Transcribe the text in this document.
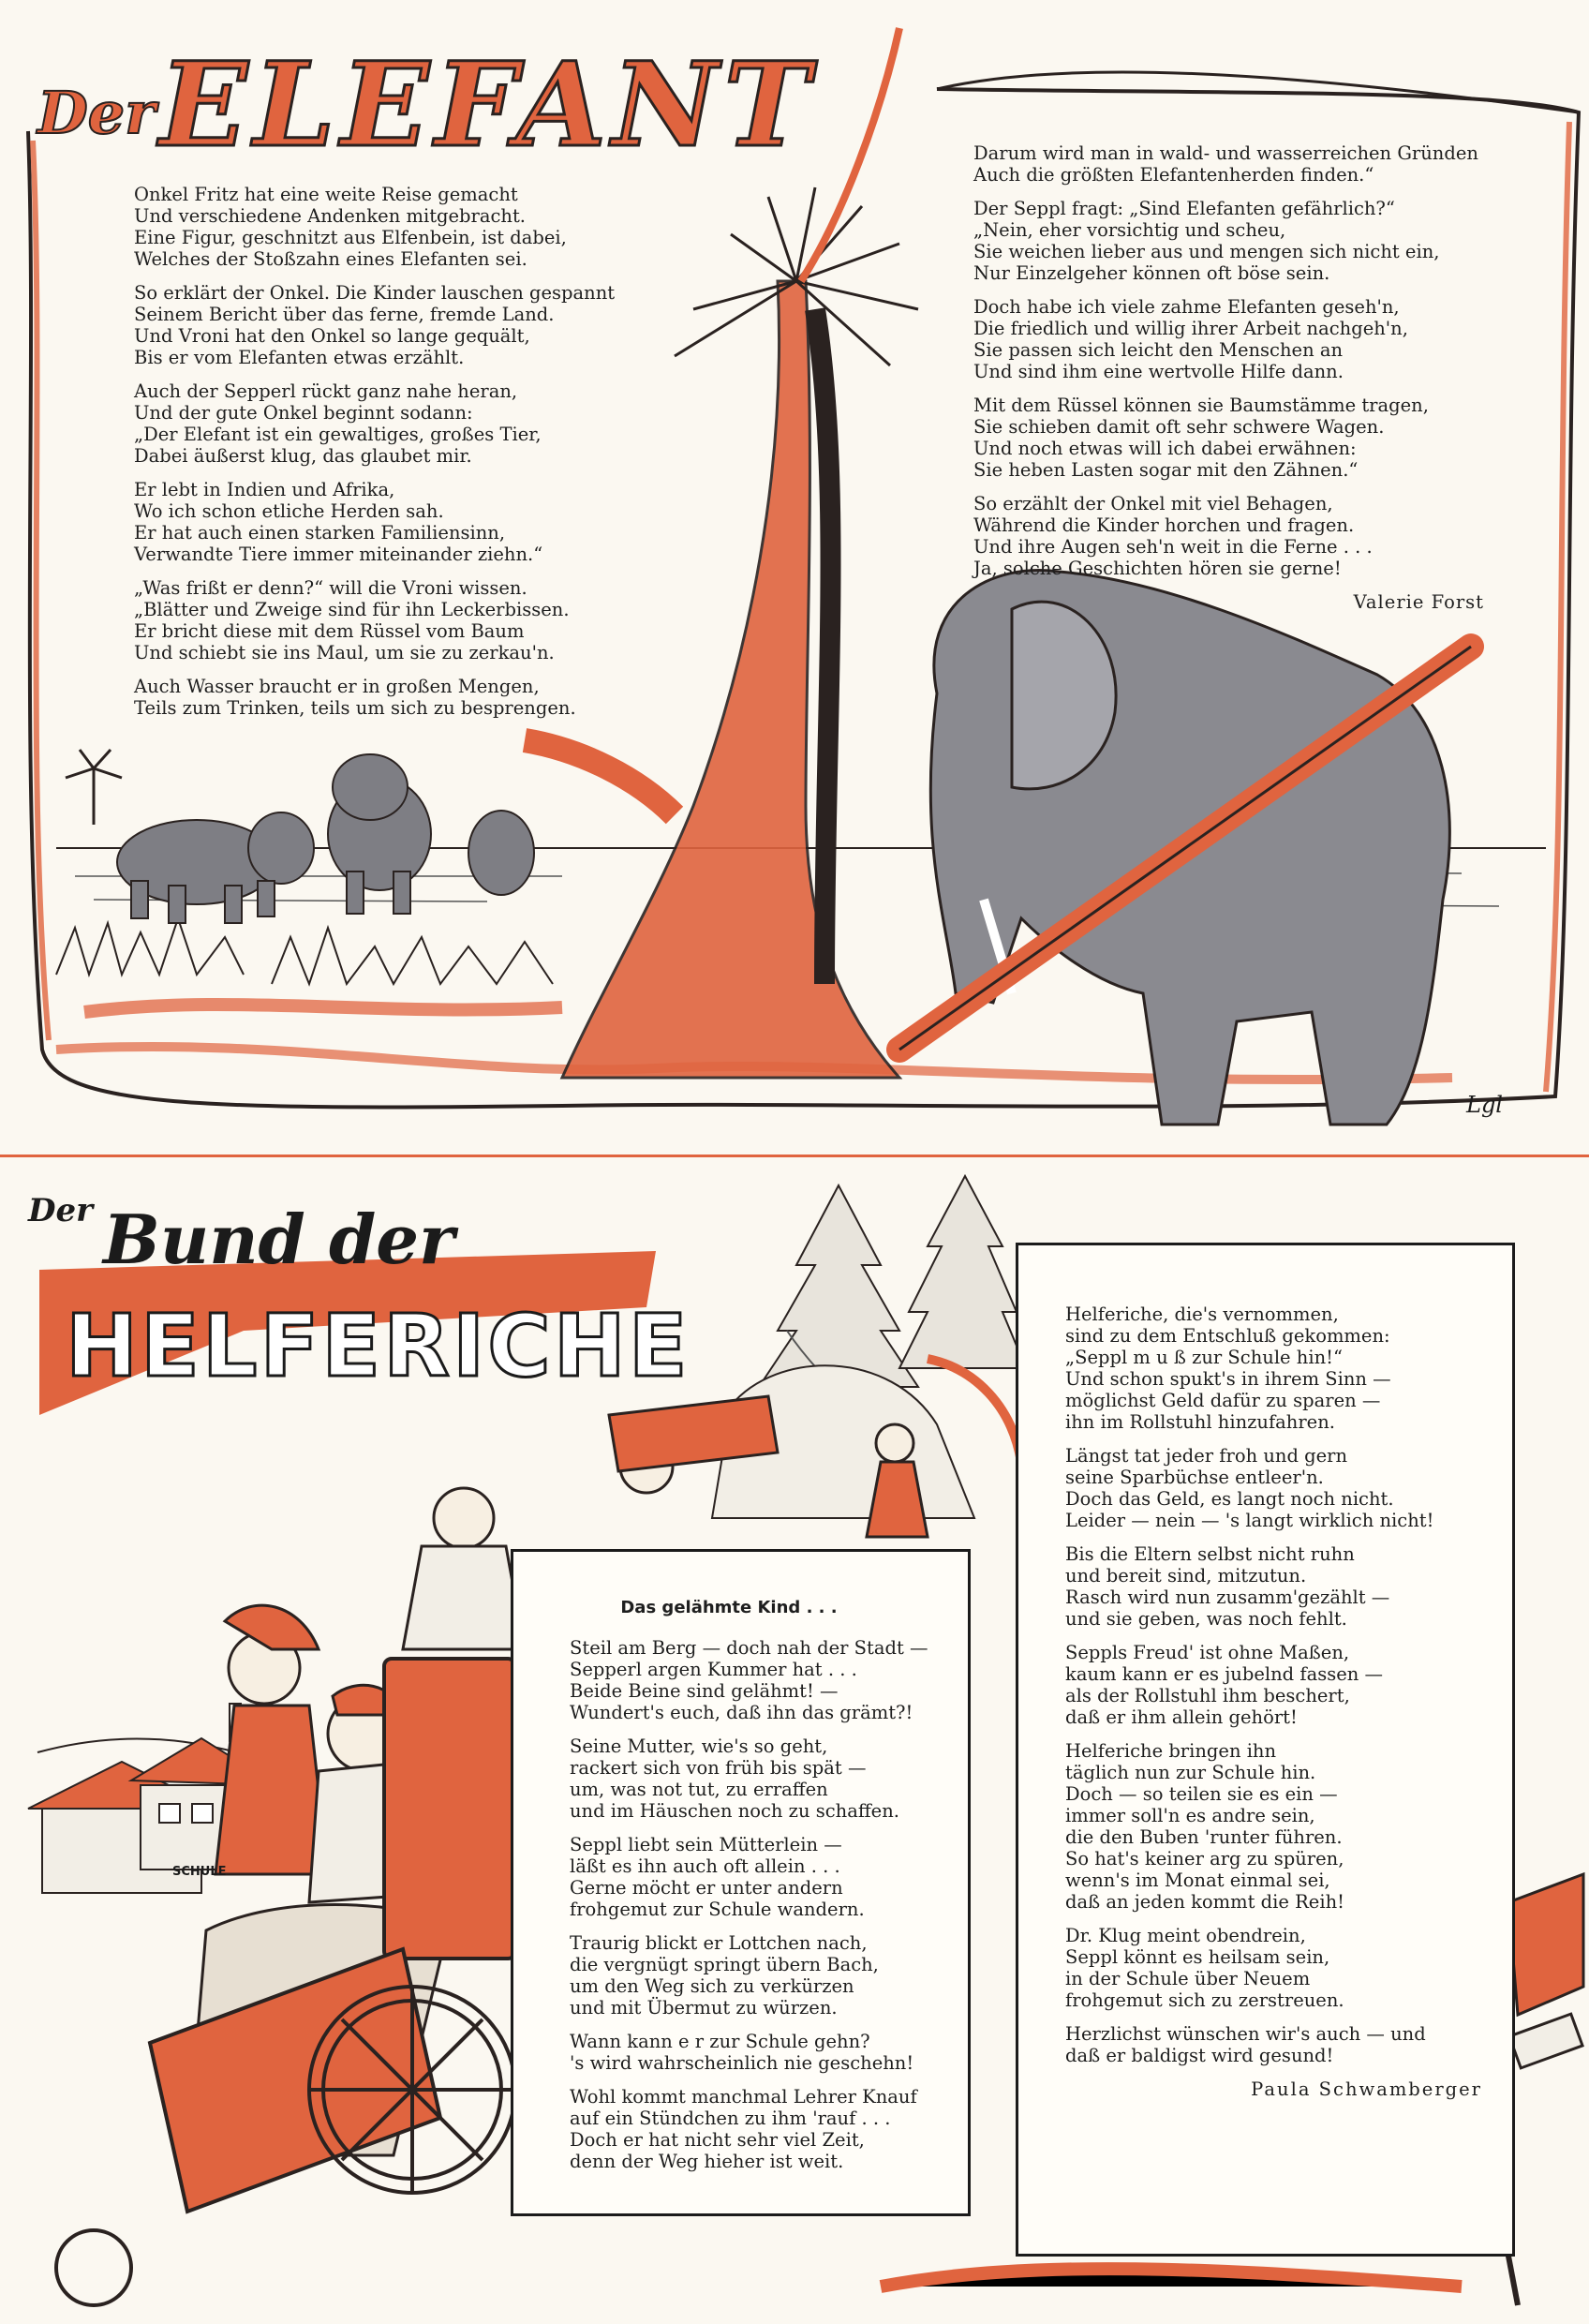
Der ELEFANT

Onkel Fritz hat eine weite Reise gemacht
Und verschiedene Andenken mitgebracht.
Eine Figur, geschnitzt aus Elfenbein, ist dabei,
Welches der Stoßzahn eines Elefanten sei.

So erklärt der Onkel. Die Kinder lauschen gespannt
Seinem Bericht über das ferne, fremde Land.
Und Vroni hat den Onkel so lange gequält,
Bis er vom Elefanten etwas erzählt.

Auch der Sepperl rückt ganz nahe heran,
Und der gute Onkel beginnt sodann:
„Der Elefant ist ein gewaltiges, großes Tier,
Dabei äußerst klug, das glaubet mir.

Er lebt in Indien und Afrika,
Wo ich schon etliche Herden sah.
Er hat auch einen starken Familiensinn,
Verwandte Tiere immer miteinander ziehn.“

„Was frißt er denn?“ will die Vroni wissen.
„Blätter und Zweige sind für ihn Leckerbissen.
Er bricht diese mit dem Rüssel vom Baum
Und schiebt sie ins Maul, um sie zu zerkau'n.

Auch Wasser braucht er in großen Mengen,
Teils zum Trinken, teils um sich zu besprengen.

Darum wird man in wald- und wasserreichen Gründen
Auch die größten Elefantenherden finden.“

Der Seppl fragt: „Sind Elefanten gefährlich?“
„Nein, eher vorsichtig und scheu,
Sie weichen lieber aus und mengen sich nicht ein,
Nur Einzelgeher können oft böse sein.

Doch habe ich viele zahme Elefanten geseh'n,
Die friedlich und willig ihrer Arbeit nachgeh'n,
Sie passen sich leicht den Menschen an
Und sind ihm eine wertvolle Hilfe dann.

Mit dem Rüssel können sie Baumstämme tragen,
Sie schieben damit oft sehr schwere Wagen.
Und noch etwas will ich dabei erwähnen:
Sie heben Lasten sogar mit den Zähnen.“

So erzählt der Onkel mit viel Behagen,
Während die Kinder horchen und fragen.
Und ihre Augen seh'n weit in die Ferne . . .
Ja, solche Geschichten hören sie gerne!

Valerie Forst
Lgl
Der Bund der
HELFERICHE
SCHULE

Das gelähmte Kind . . .

Steil am Berg — doch nah der Stadt —
Sepperl argen Kummer hat . . .
Beide Beine sind gelähmt! —
Wundert's euch, daß ihn das grämt?!

Seine Mutter, wie's so geht,
rackert sich von früh bis spät —
um, was not tut, zu erraffen
und im Häuschen noch zu schaffen.

Seppl liebt sein Mütterlein —
läßt es ihn auch oft allein . . .
Gerne möcht er unter andern
frohgemut zur Schule wandern.

Traurig blickt er Lottchen nach,
die vergnügt springt übern Bach,
um den Weg sich zu verkürzen
und mit Übermut zu würzen.

Wann kann e r zur Schule gehn?
's wird wahrscheinlich nie geschehn!

Wohl kommt manchmal Lehrer Knauf
auf ein Stündchen zu ihm 'rauf . . .
Doch er hat nicht sehr viel Zeit,
denn der Weg hieher ist weit.

Helferiche, die's vernommen,
sind zu dem Entschluß gekommen:
„Seppl m u ß zur Schule hin!“
Und schon spukt's in ihrem Sinn —
möglichst Geld dafür zu sparen —
ihn im Rollstuhl hinzufahren.

Längst tat jeder froh und gern
seine Sparbüchse entleer'n.
Doch das Geld, es langt noch nicht.
Leider — nein — 's langt wirklich nicht!

Bis die Eltern selbst nicht ruhn
und bereit sind, mitzutun.
Rasch wird nun zusamm'gezählt —
und sie geben, was noch fehlt.

Seppls Freud' ist ohne Maßen,
kaum kann er es jubelnd fassen —
als der Rollstuhl ihm beschert,
daß er ihm allein gehört!

Helferiche bringen ihn
täglich nun zur Schule hin.
Doch — so teilen sie es ein —
immer soll'n es andre sein,
die den Buben 'runter führen.
So hat's keiner arg zu spüren,
wenn's im Monat einmal sei,
daß an jeden kommt die Reih!

Dr. Klug meint obendrein,
Seppl könnt es heilsam sein,
in der Schule über Neuem
frohgemut sich zu zerstreuen.

Herzlichst wünschen wir's auch — und
daß er baldigst wird gesund!

Paula Schwamberger
